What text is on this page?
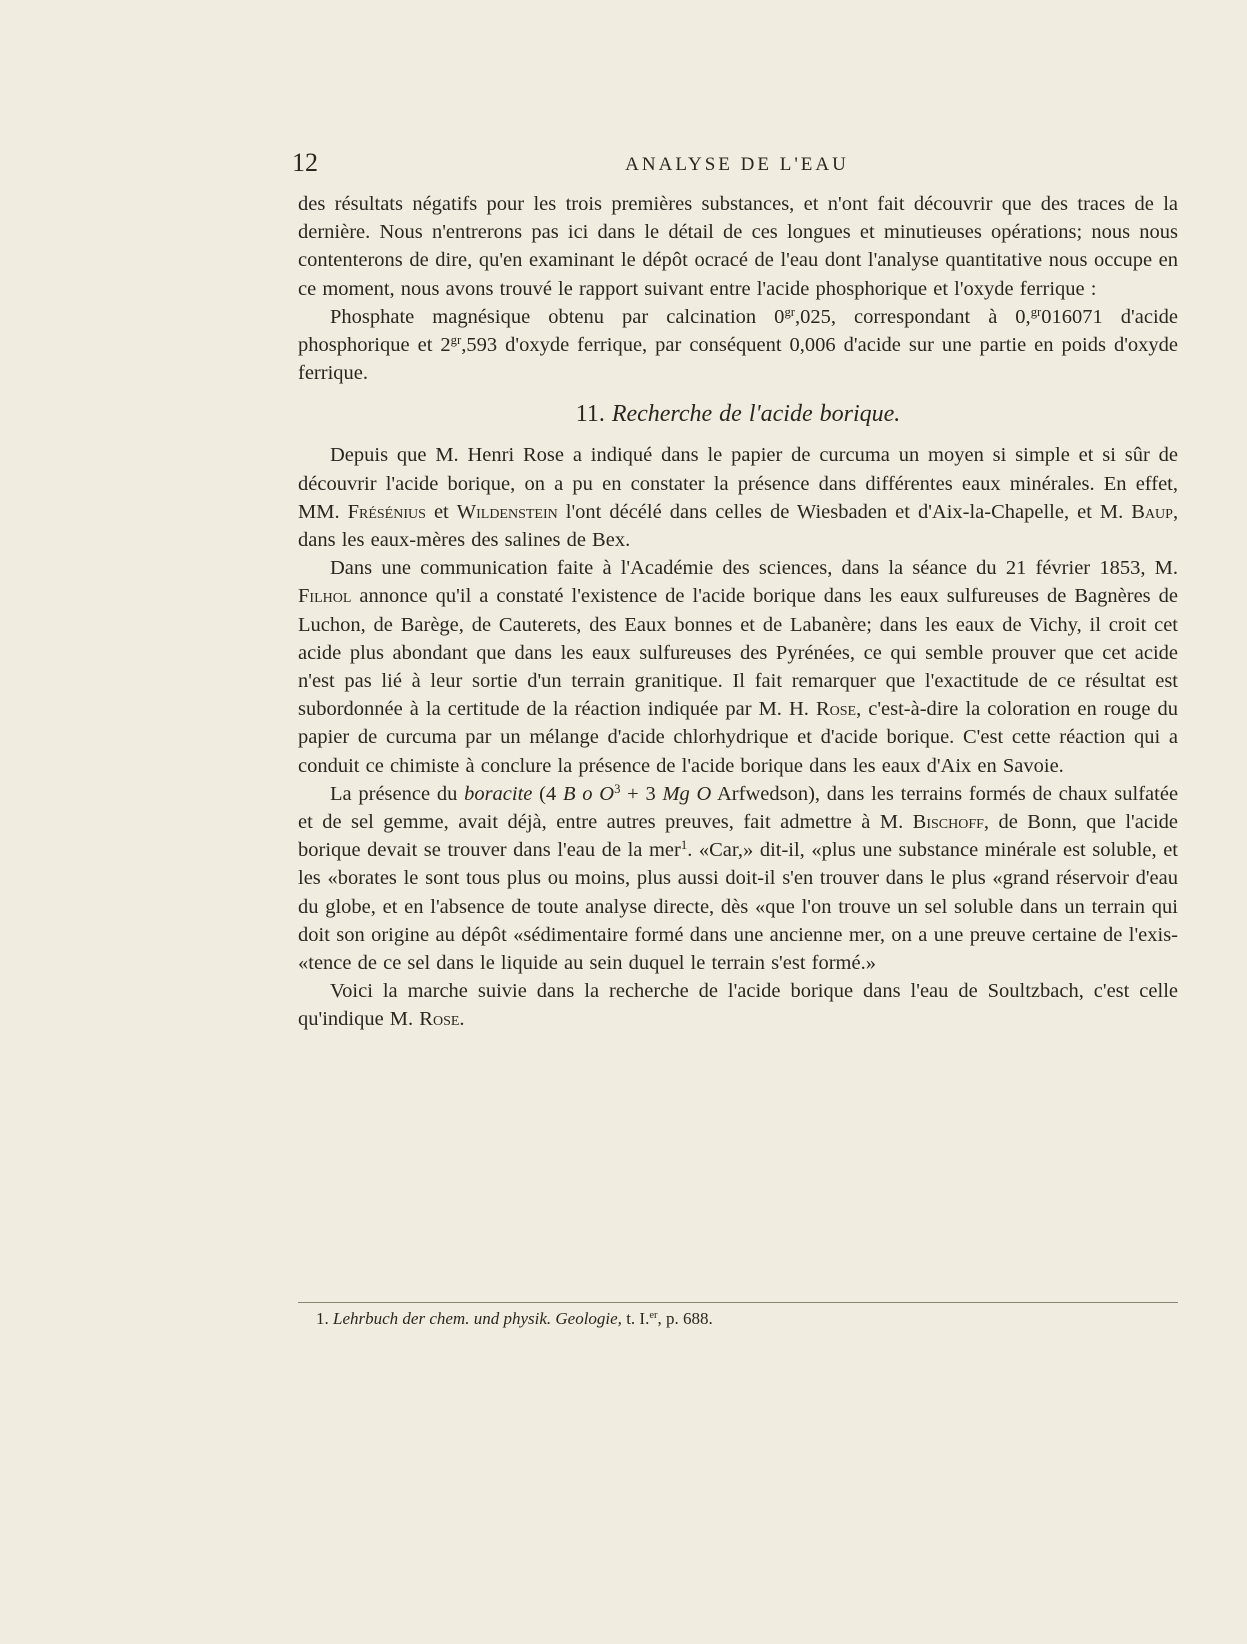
12	ANALYSE DE L'EAU

des résultats négatifs pour les trois premières substances, et n'ont fait découvrir que des traces de la dernière. Nous n'entrerons pas ici dans le détail de ces longues et minutieuses opérations; nous nous contenterons de dire, qu'en examinant le dépôt ocracé de l'eau dont l'analyse quantitative nous occupe en ce moment, nous avons trouvé le rapport suivant entre l'acide phosphorique et l'oxyde ferrique :

Phosphate magnésique obtenu par calcination $0^{gr},025$, correspondant à 0,$^{gr}$016071 d'acide phosphorique et $2^{gr},593$ d'oxyde ferrique, par conséquent 0,006 d'acide sur une partie en poids d'oxyde ferrique.

11. Recherche de l'acide borique.

Depuis que M. Henri Rose a indiqué dans le papier de curcuma un moyen si simple et si sûr de découvrir l'acide borique, on a pu en constater la présence dans différentes eaux minérales. En effet, MM. Frésénius et Wildenstein l'ont décélé dans celles de Wiesbaden et d'Aix-la-Chapelle, et M. Baup, dans les eaux-mères des salines de Bex.

Dans une communication faite à l'Académie des sciences, dans la séance du 21 février 1853, M. Filhol annonce qu'il a constaté l'existence de l'acide borique dans les eaux sulfureuses de Bagnères de Luchon, de Barège, de Cauterets, des Eaux bonnes et de Labanère; dans les eaux de Vichy, il croit cet acide plus abondant que dans les eaux sulfureuses des Pyrénées, ce qui semble prouver que cet acide n'est pas lié à leur sortie d'un terrain granitique. Il fait remarquer que l'exactitude de ce résultat est subordonnée à la certitude de la réaction indiquée par M. H. Rose, c'est-à-dire la coloration en rouge du papier de curcuma par un mélange d'acide chlorhydrique et d'acide borique. C'est cette réaction qui a conduit ce chimiste à conclure la présence de l'acide borique dans les eaux d'Aix en Savoie.

La présence du boracite (4 B o $O^3 + 3$ Mg O Arfwedson), dans les terrains formés de chaux sulfatée et de sel gemme, avait déjà, entre autres preuves, fait admettre à M. Bischoff, de Bonn, que l'acide borique devait se trouver dans l'eau de la mer$^1$. «Car,» dit-il, «plus une substance minérale est soluble, et les «borates le sont tous plus ou moins, plus aussi doit-il s'en trouver dans le plus «grand réservoir d'eau du globe, et en l'absence de toute analyse directe, dès «que l'on trouve un sel soluble dans un terrain qui doit son origine au dépôt «sédimentaire formé dans une ancienne mer, on a une preuve certaine de l'exis- «tence de ce sel dans le liquide au sein duquel le terrain s'est formé.»

Voici la marche suivie dans la recherche de l'acide borique dans l'eau de Soultzbach, c'est celle qu'indique M. Rose.

1. Lehrbuch der chem. und physik. Geologie, t. I.$^{er}$, p. 688.
